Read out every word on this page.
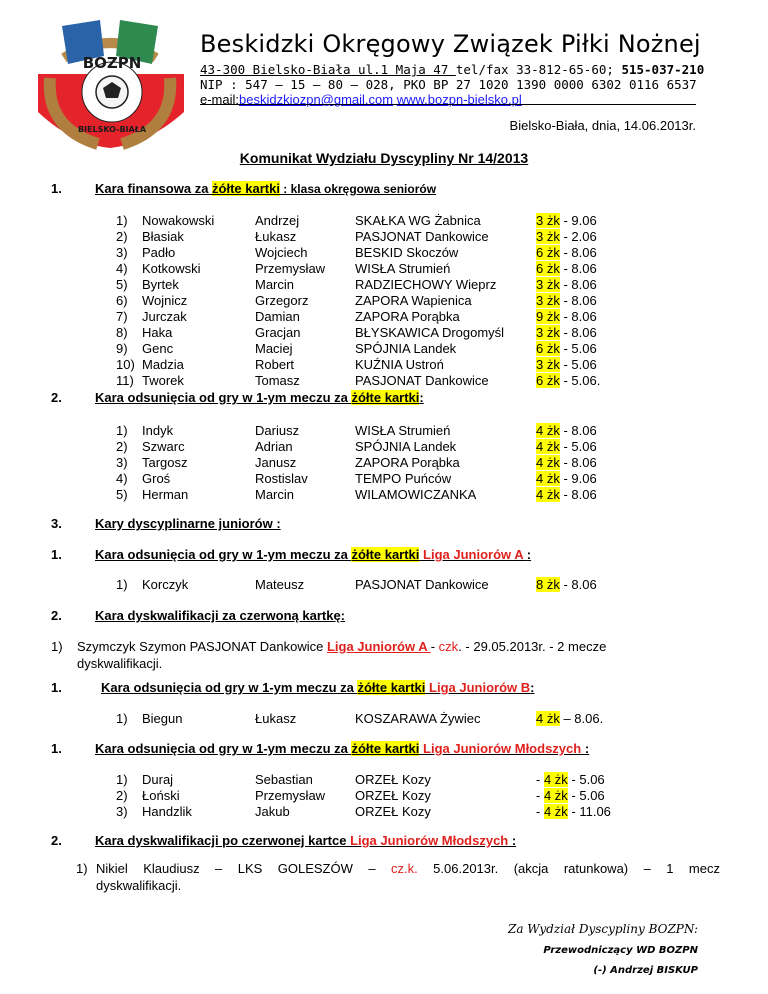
BOZPN
BIELSKO-BIAŁA
Beskidzki Okręgowy Związek Piłki Nożnej
43-300 Bielsko-Biała ul.1 Maja 47 tel/fax 33-812-65-60; 515-037-210
NIP : 547 – 15 – 80 – 028, PKO BP 27 1020 1390 0000 6302 0116 6537
e-mail:beskidzkiozpn@gmail.com www.bozpn-bielsko.pl
Bielsko-Biała, dnia, 14.06.2013r.
Komunikat Wydziału Dyscypliny Nr 14/2013
1.	Kara finansowa za żółte kartki : klasa okręgowa seniorów
1) Nowakowski	Andrzej	SKAŁKA WG Żabnica	3 żk - 9.06
2) Błasiak	Łukasz	PASJONAT Dankowice	3 żk - 2.06
3) Padło	Wojciech	BESKID Skoczów	6 żk - 8.06
4) Kotkowski	Przemysław WISŁA Strumień	6 żk - 8.06
5) Byrtek	Marcin	RADZIECHOWY Wieprz	3 żk - 8.06
6) Wojnicz	Grzegorz	ZAPORA Wapienica	3 żk - 8.06
7) Jurczak	Damian	ZAPORA Porąbka	9 żk - 8.06
8) Haka	Gracjan	BŁYSKAWICA Drogomyśl 3 żk - 8.06
9) Genc	Maciej	SPÓJNIA Landek	6 żk - 5.06
10) Madzia	Robert	KUŹNIA Ustroń	3 żk - 5.06
11) Tworek	Tomasz	PASJONAT Dankowice	6 żk - 5.06.
2.	Kara odsunięcia od gry w 1-ym meczu za żółte kartki:
1) Indyk	Dariusz	WISŁA Strumień	4 żk - 8.06
2) Szwarc	Adrian	SPÓJNIA Landek	4 żk - 5.06
3) Targosz	Janusz	ZAPORA Porąbka	4 żk - 8.06
4) Groś	Rostislav	TEMPO Puńców	4 żk - 9.06
5) Herman	Marcin	WILAMOWICZANKA	4 żk - 8.06
3.	Kary dyscyplinarne juniorów :
1.	Kara odsunięcia od gry w 1-ym meczu za żółte kartki Liga Juniorów A :
1) Korczyk	Mateusz	PASJONAT Dankowice	8 żk - 8.06
2.	Kara dyskwalifikacji za czerwoną kartkę:
1) Szymczyk Szymon PASJONAT Dankowice Liga Juniorów A - czk. - 29.05.2013r. - 2 mecze
dyskwalifikacji.
1.	Kara odsunięcia od gry w 1-ym meczu za żółte kartki Liga Juniorów B:
1) Biegun	Łukasz	KOSZARAWA Żywiec	4 żk – 8.06.
1.	Kara odsunięcia od gry w 1-ym meczu za żółte kartki Liga Juniorów Młodszych :
1) Duraj	Sebastian	ORZEŁ Kozy	- 4 żk - 5.06
2) Łoński	Przemysław ORZEŁ Kozy	- 4 żk - 5.06
3) Handzlik	Jakub	ORZEŁ Kozy	- 4 żk - 11.06
2.	Kara dyskwalifikacji po czerwonej kartce Liga Juniorów Młodszych :
1) Nikiel Klaudiusz – LKS GOLESZÓW – cz.k. 5.06.2013r. (akcja ratunkowa) – 1 mecz
dyskwalifikacji.
Za Wydział Dyscypliny BOZPN:
Przewodniczący WD BOZPN
(-) Andrzej BISKUP
